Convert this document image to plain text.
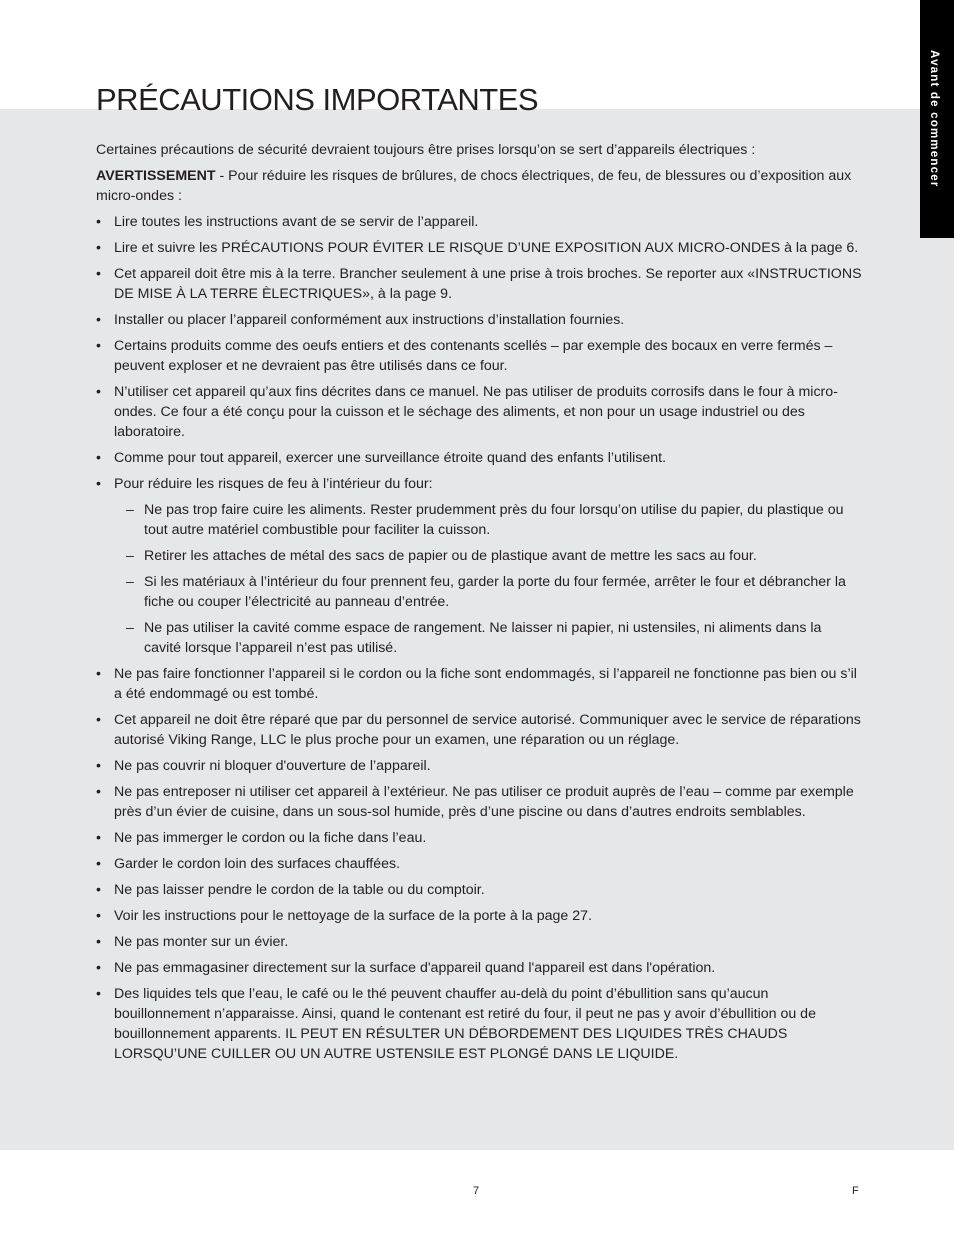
Avant de commencer
PRÉCAUTIONS IMPORTANTES

Certaines précautions de sécurité devraient toujours être prises lorsqu’on se sert d’appareils électriques :

AVERTISSEMENT - Pour réduire les risques de brûlures, de chocs électriques, de feu, de blessures ou d’exposition aux micro-ondes :

• Lire toutes les instructions avant de se servir de l’appareil.
• Lire et suivre les PRÉCAUTIONS POUR ÉVITER LE RISQUE D’UNE EXPOSITION AUX MICRO-ONDES à la page 6.
• Cet appareil doit être mis à la terre. Brancher seulement à une prise à trois broches. Se reporter aux «INSTRUCTIONS DE MISE À LA TERRE ÈLECTRIQUES», à la page 9.
• Installer ou placer l’appareil conformément aux instructions d’installation fournies.
• Certains produits comme des oeufs entiers et des contenants scellés – par exemple des bocaux en verre fermés – peuvent exploser et ne devraient pas être utilisés dans ce four.
• N’utiliser cet appareil qu’aux fins décrites dans ce manuel. Ne pas utiliser de produits corrosifs dans le four à micro-ondes. Ce four a été conçu pour la cuisson et le séchage des aliments, et non pour un usage industriel ou des laboratoire.
• Comme pour tout appareil, exercer une surveillance étroite quand des enfants l’utilisent.
• Pour réduire les risques de feu à l’intérieur du four:
– Ne pas trop faire cuire les aliments. Rester prudemment près du four lorsqu’on utilise du papier, du plastique ou tout autre matériel combustible pour faciliter la cuisson.
– Retirer les attaches de métal des sacs de papier ou de plastique avant de mettre les sacs au four.
– Si les matériaux à l’intérieur du four prennent feu, garder la porte du four fermée, arrêter le four et débrancher la fiche ou couper l’électricité au panneau d’entrée.
– Ne pas utiliser la cavité comme espace de rangement. Ne laisser ni papier, ni ustensiles, ni aliments dans la cavité lorsque l’appareil n’est pas utilisé.
• Ne pas faire fonctionner l’appareil si le cordon ou la fiche sont endommagés, si l’appareil ne fonctionne pas bien ou s’il a été endommagé ou est tombé.
• Cet appareil ne doit être réparé que par du personnel de service autorisé. Communiquer avec le service de réparations autorisé Viking Range, LLC le plus proche pour un examen, une réparation ou un réglage.
• Ne pas couvrir ni bloquer d'ouverture de l’appareil.
• Ne pas entreposer ni utiliser cet appareil à l’extérieur. Ne pas utiliser ce produit auprès de l’eau – comme par exemple près d’un évier de cuisine, dans un sous-sol humide, près d’une piscine ou dans d’autres endroits semblables.
• Ne pas immerger le cordon ou la fiche dans l’eau.
• Garder le cordon loin des surfaces chauffées.
• Ne pas laisser pendre le cordon de la table ou du comptoir.
• Voir les instructions pour le nettoyage de la surface de la porte à la page 27.
• Ne pas monter sur un évier.
• Ne pas emmagasiner directement sur la surface d'appareil quand l'appareil est dans l'opération.
• Des liquides tels que l’eau, le café ou le thé peuvent chauffer au-delà du point d’ébullition sans qu’aucun bouillonnement n’apparaisse. Ainsi, quand le contenant est retiré du four, il peut ne pas y avoir d’ébullition ou de bouillonnement apparents. IL PEUT EN RÉSULTER UN DÉBORDEMENT DES LIQUIDES TRÈS CHAUDS LORSQU’UNE CUILLER OU UN AUTRE USTENSILE EST PLONGÉ DANS LE LIQUIDE.
7	F
